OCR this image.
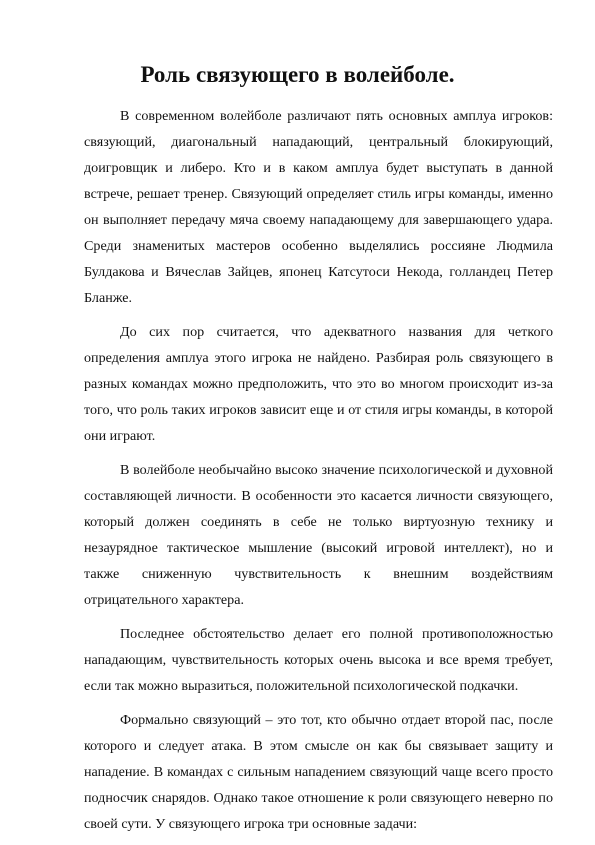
Роль связующего в волейболе.

В современном волейболе различают пять основных амплуа игроков: связующий, диагональный нападающий, центральный блокирующий, доигровщик и либеро. Кто и в каком амплуа будет выступать в данной встрече, решает тренер. Связующий определяет стиль игры команды, именно он выполняет передачу мяча своему нападающему для завершающего удара. Среди знаменитых мастеров особенно выделялись россияне Людмила Булдакова и Вячеслав Зайцев, японец Катсутоси Некода, голландец Петер Бланже.

До сих пор считается, что адекватного названия для четкого определения амплуа этого игрока не найдено. Разбирая роль связующего в разных командах можно предположить, что это во многом происходит из-за того, что роль таких игроков зависит еще и от стиля игры команды, в которой они играют.

В волейболе необычайно высоко значение психологической и духовной составляющей личности. В особенности это касается личности связующего, который должен соединять в себе не только виртуозную технику и незаурядное тактическое мышление (высокий игровой интеллект), но и также сниженную чувствительность к внешним воздействиям отрицательного характера.

Последнее обстоятельство делает его полной противоположностью нападающим, чувствительность которых очень высока и все время требует, если так можно выразиться, положительной психологической подкачки.

Формально связующий – это тот, кто обычно отдает второй пас, после которого и следует атака. В этом смысле он как бы связывает защиту и нападение. В командах с сильным нападением связующий чаще всего просто подносчик снарядов. Однако такое отношение к роли связующего неверно по своей сути. У связующего игрока три основные задачи:
